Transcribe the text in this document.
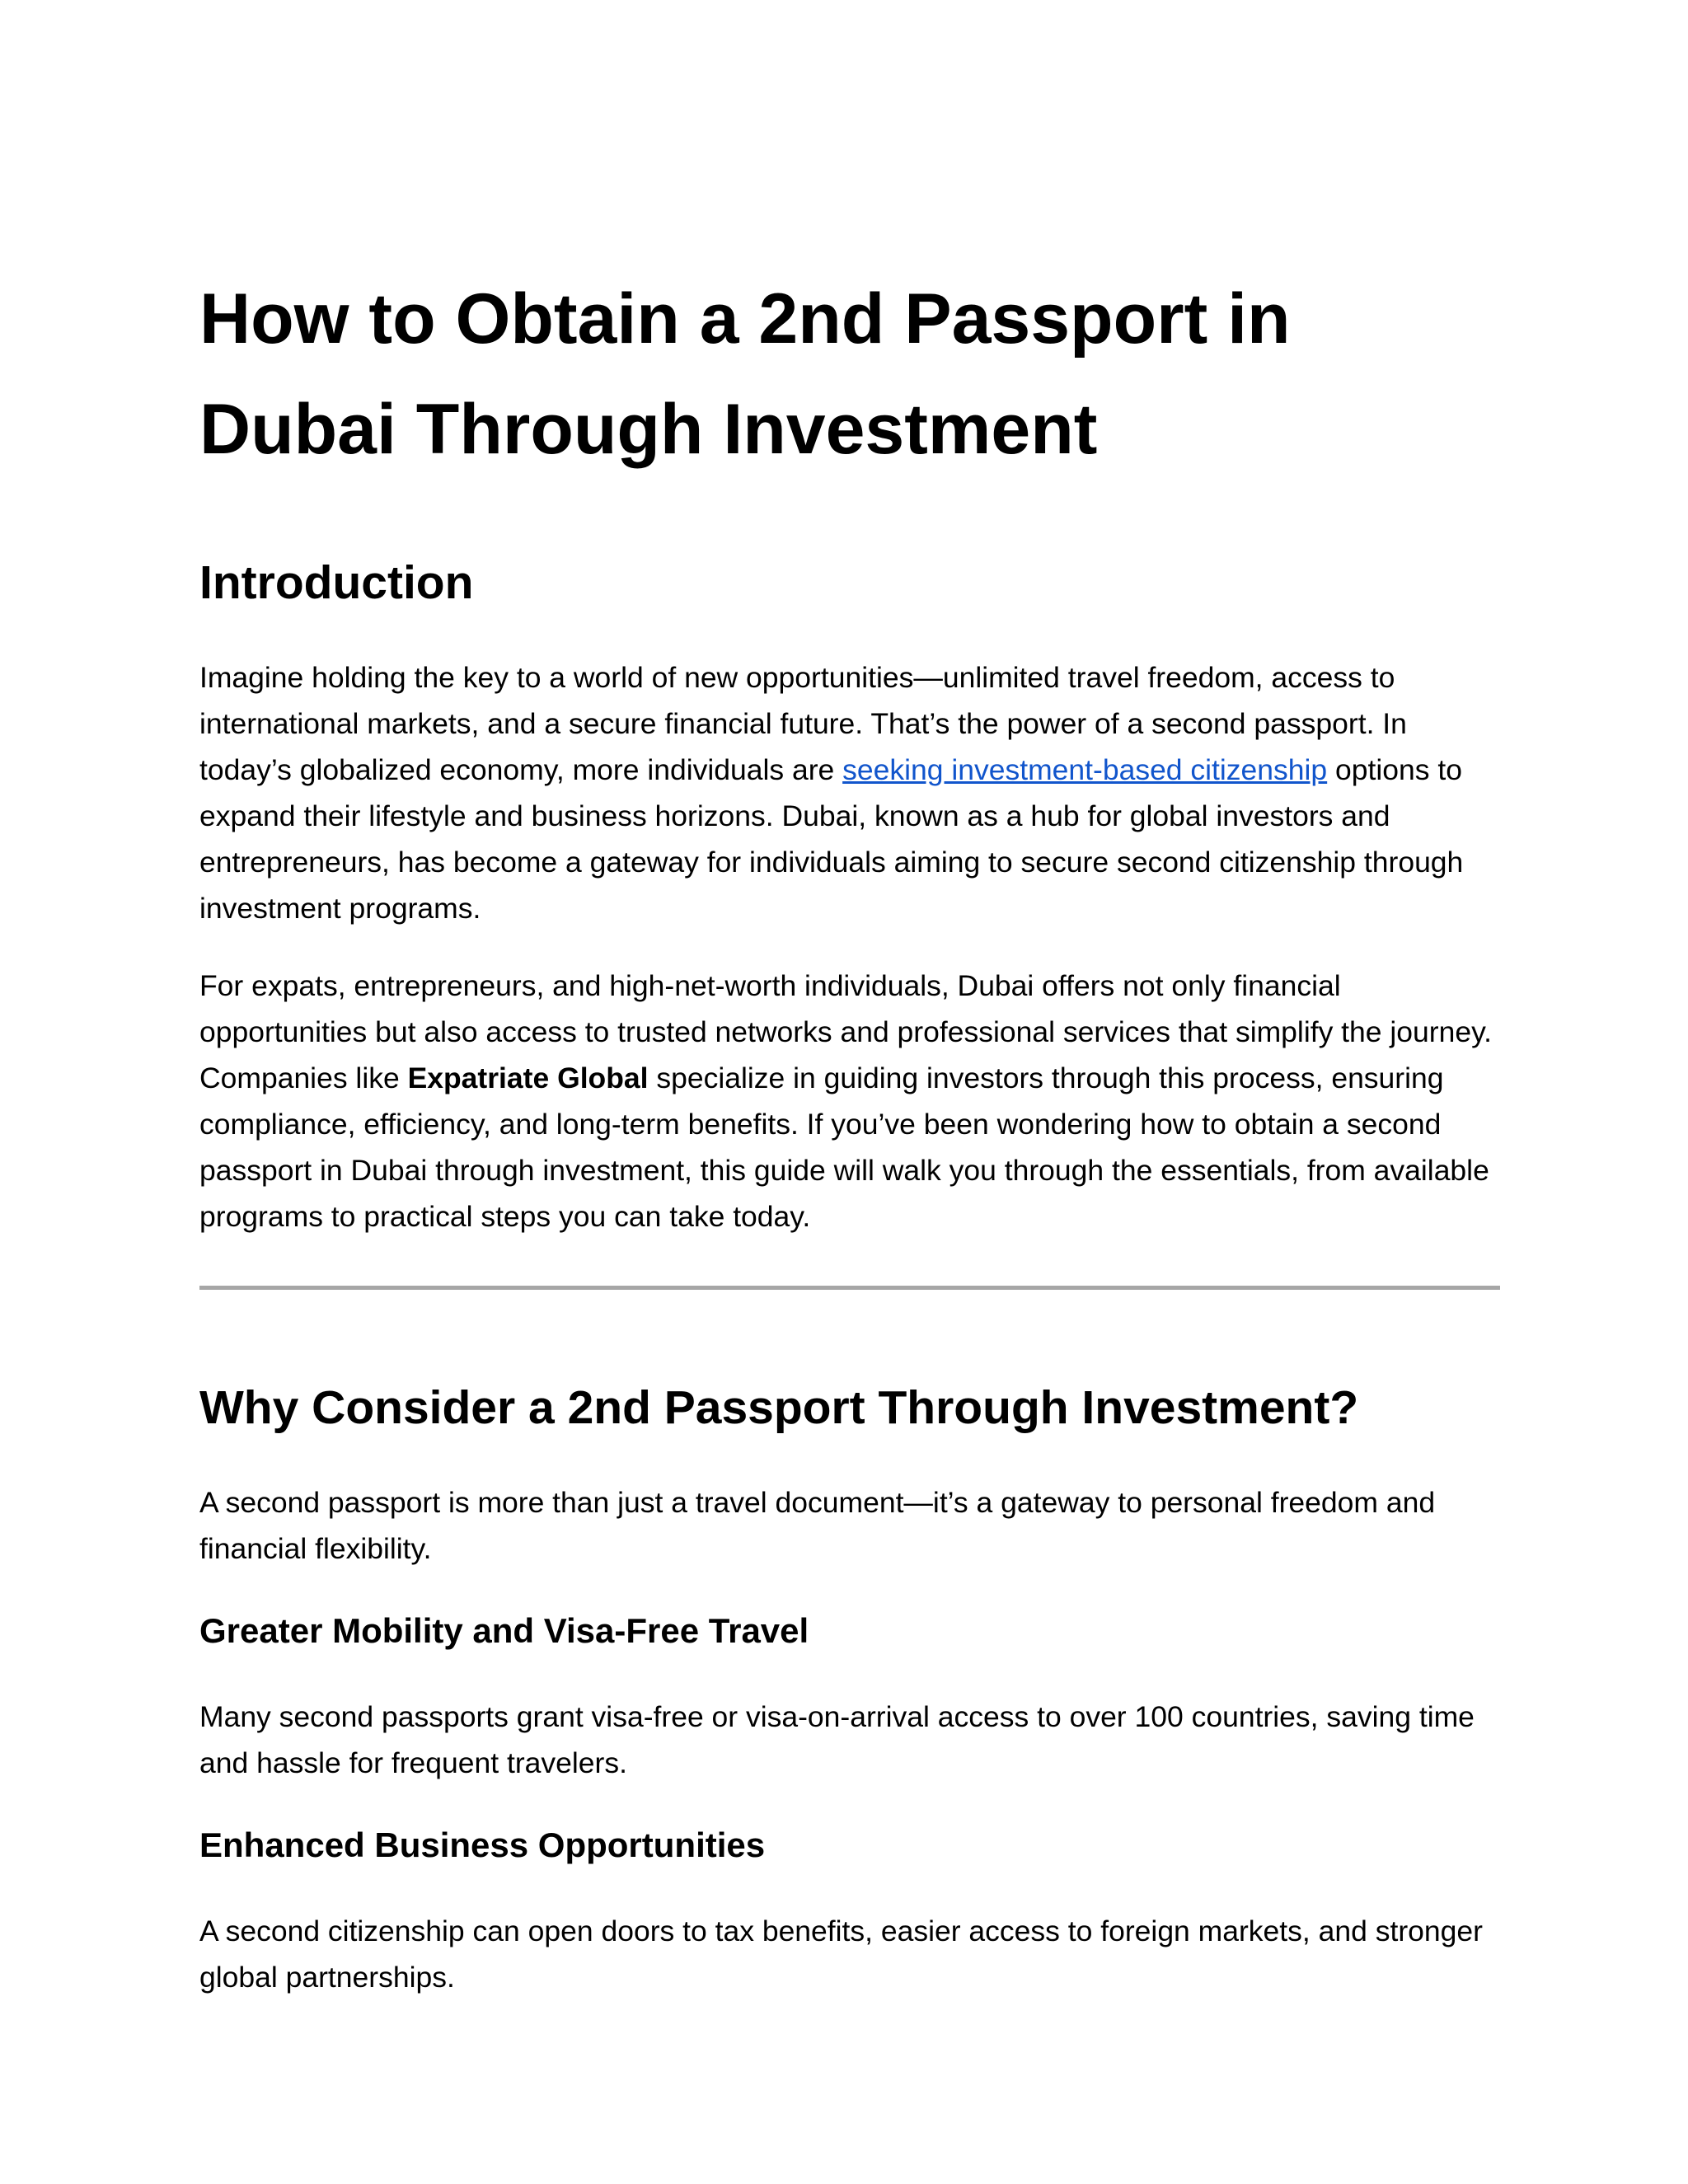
How to Obtain a 2nd Passport in Dubai Through Investment
Introduction

Imagine holding the key to a world of new opportunities—unlimited travel freedom, access to international markets, and a secure financial future. That’s the power of a second passport. In today’s globalized economy, more individuals are seeking investment-based citizenship options to expand their lifestyle and business horizons. Dubai, known as a hub for global investors and entrepreneurs, has become a gateway for individuals aiming to secure second citizenship through investment programs.

For expats, entrepreneurs, and high-net-worth individuals, Dubai offers not only financial opportunities but also access to trusted networks and professional services that simplify the journey. Companies like Expatriate Global specialize in guiding investors through this process, ensuring compliance, efficiency, and long-term benefits. If you’ve been wondering how to obtain a second passport in Dubai through investment, this guide will walk you through the essentials, from available programs to practical steps you can take today.

Why Consider a 2nd Passport Through Investment?

A second passport is more than just a travel document—it’s a gateway to personal freedom and financial flexibility.

Greater Mobility and Visa-Free Travel

Many second passports grant visa-free or visa-on-arrival access to over 100 countries, saving time and hassle for frequent travelers.

Enhanced Business Opportunities

A second citizenship can open doors to tax benefits, easier access to foreign markets, and stronger global partnerships.
